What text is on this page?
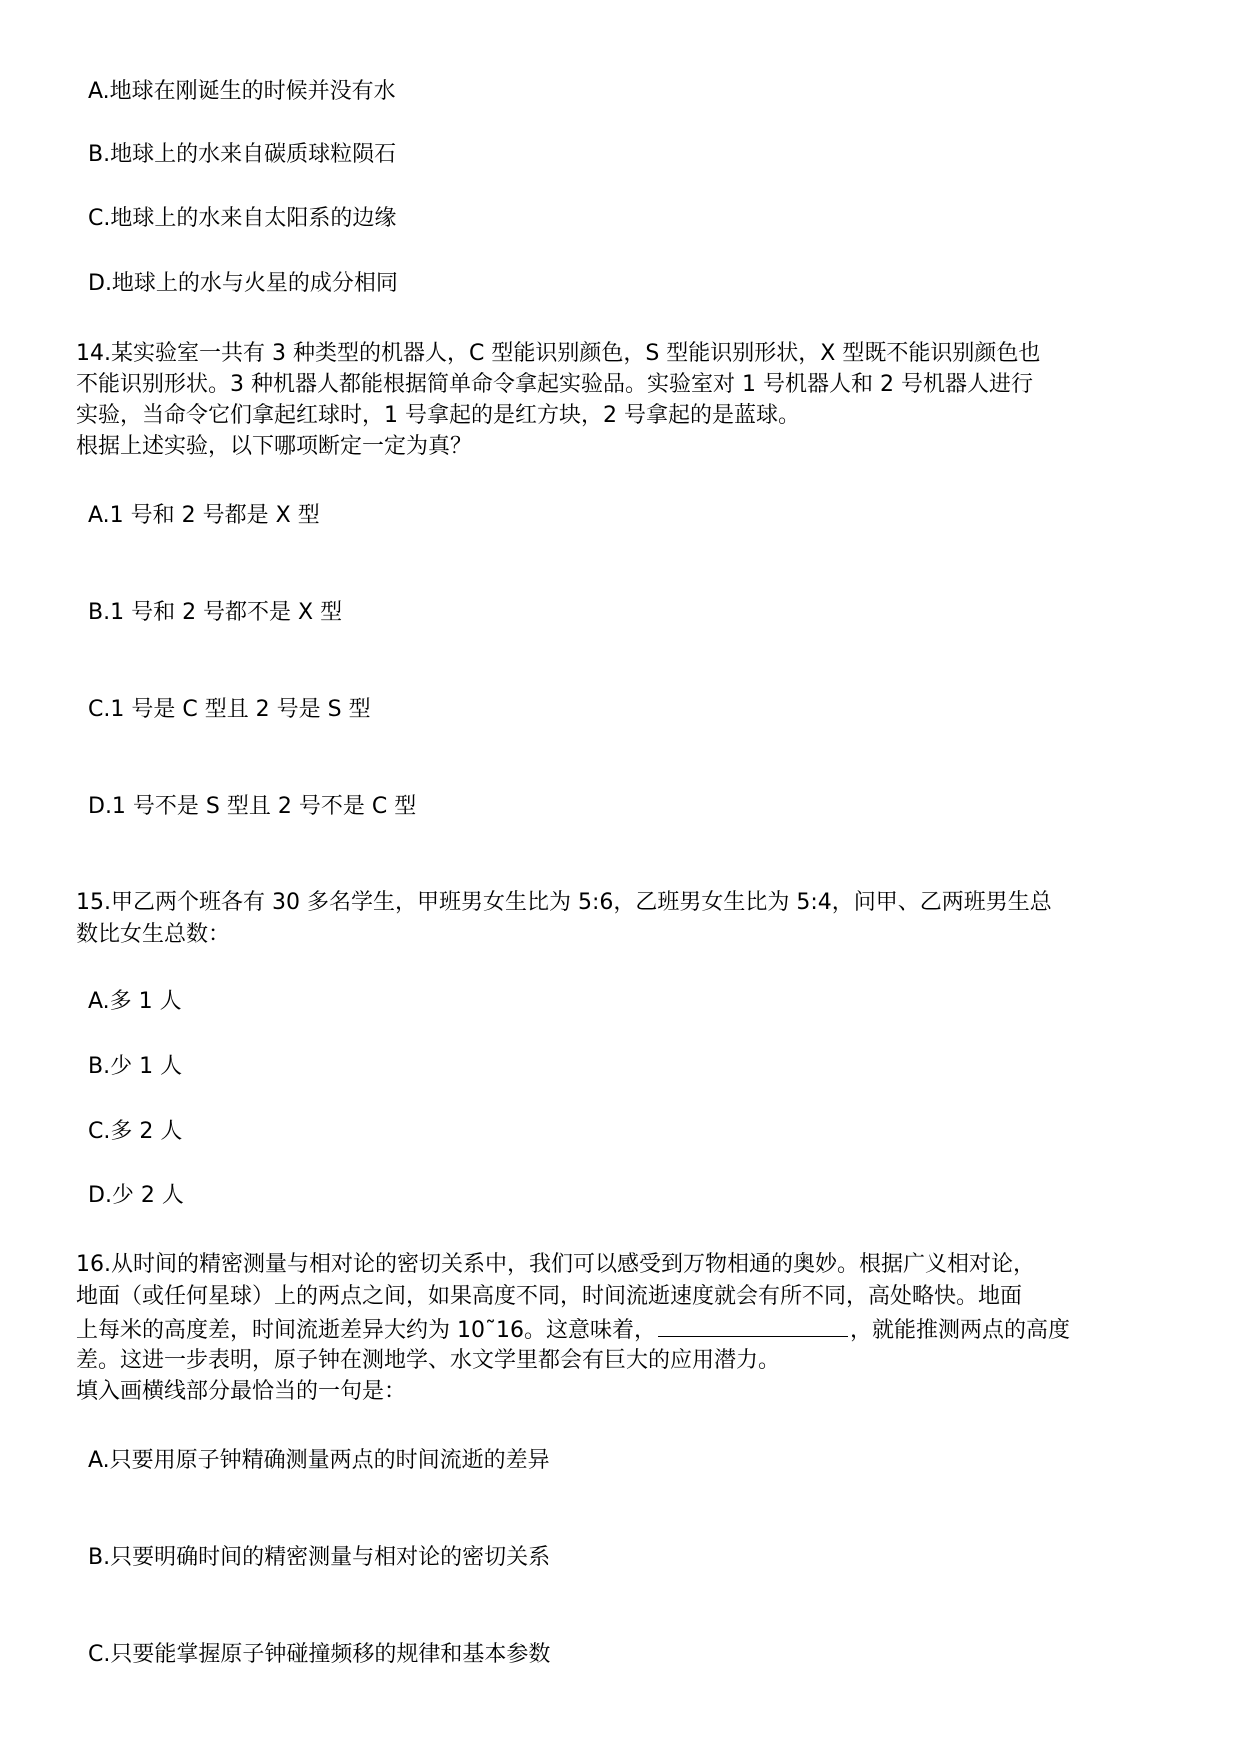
A.地球在刚诞生的时候并没有水
B.地球上的水来自碳质球粒陨石
C.地球上的水来自太阳系的边缘
D.地球上的水与火星的成分相同
14.某实验室一共有 3 种类型的机器人，C 型能识别颜色，S 型能识别形状，X 型既不能识别颜色也
不能识别形状。3 种机器人都能根据简单命令拿起实验品。实验室对 1 号机器人和 2 号机器人进行
实验，当命令它们拿起红球时，1 号拿起的是红方块，2 号拿起的是蓝球。
根据上述实验，以下哪项断定一定为真？
A.1 号和 2 号都是 X 型
B.1 号和 2 号都不是 X 型
C.1 号是 C 型且 2 号是 S 型
D.1 号不是 S 型且 2 号不是 C 型
15.甲乙两个班各有 30 多名学生，甲班男女生比为 5:6，乙班男女生比为 5:4，问甲、乙两班男生总
数比女生总数：
A.多 1 人
B.少 1 人
C.多 2 人
D.少 2 人
16.从时间的精密测量与相对论的密切关系中，我们可以感受到万物相通的奥妙。根据广义相对论，
地面（或任何星球）上的两点之间，如果高度不同，时间流逝速度就会有所不同，高处略快。地面
上每米的高度差，时间流逝差异大约为 10˜16。这意味着，	，就能推测两点的高度
差。这进一步表明，原子钟在测地学、水文学里都会有巨大的应用潜力。
填入画横线部分最恰当的一句是：
A.只要用原子钟精确测量两点的时间流逝的差异
B.只要明确时间的精密测量与相对论的密切关系
C.只要能掌握原子钟碰撞频移的规律和基本参数
